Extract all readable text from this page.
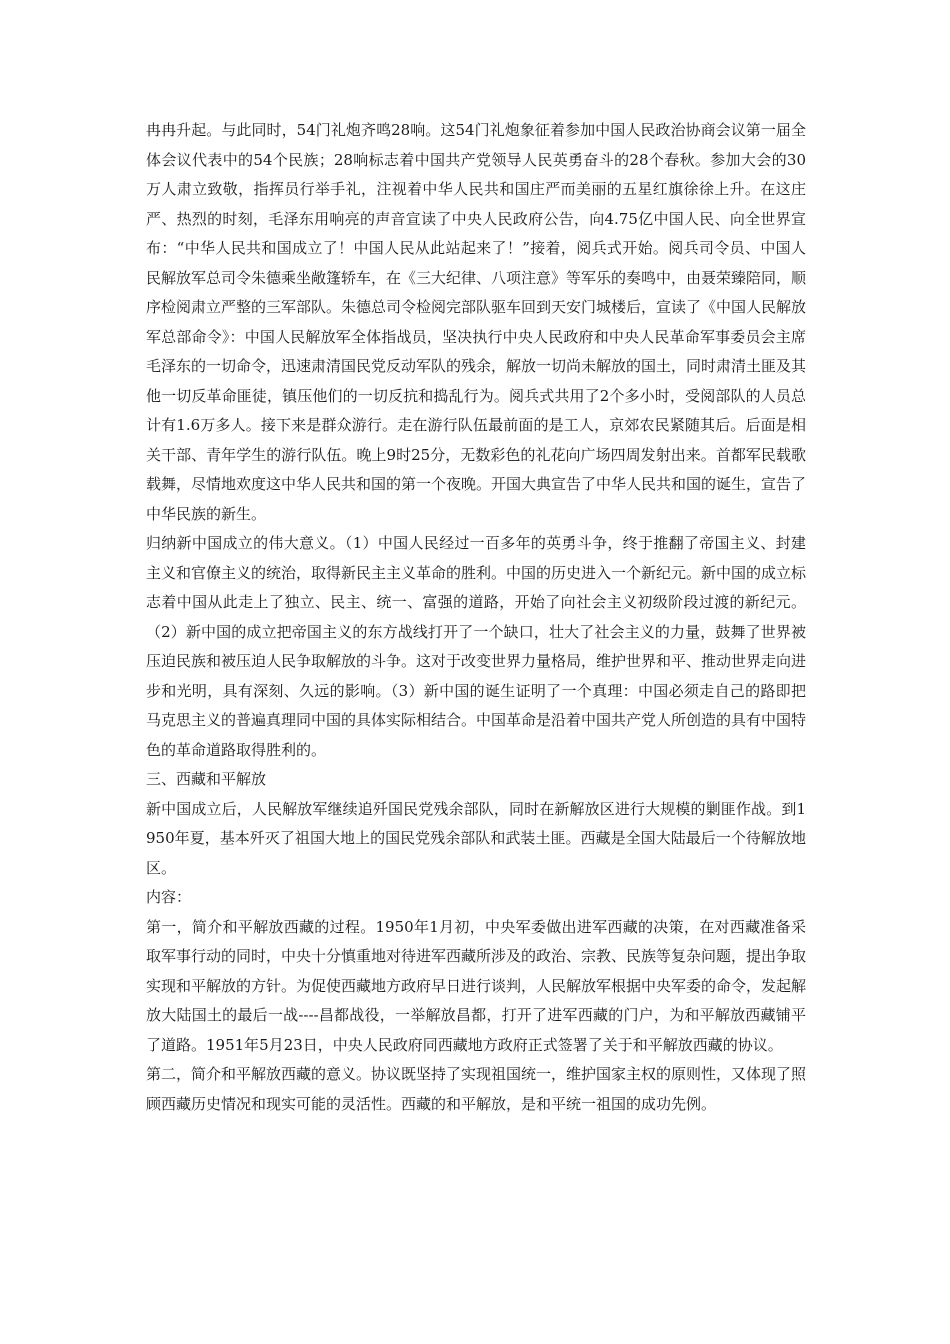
冉冉升起。与此同时，54门礼炮齐鸣28响。这54门礼炮象征着参加中国人民政治协商会议第一届全体会议代表中的54个民族；28响标志着中国共产党领导人民英勇奋斗的28个春秋。参加大会的30万人肃立致敬，指挥员行举手礼，注视着中华人民共和国庄严而美丽的五星红旗徐徐上升。在这庄严、热烈的时刻，毛泽东用响亮的声音宣读了中央人民政府公告，向4.75亿中国人民、向全世界宣布：“中华人民共和国成立了！中国人民从此站起来了！”接着，阅兵式开始。阅兵司令员、中国人民解放军总司令朱德乘坐敞篷轿车，在《三大纪律、八项注意》等军乐的奏鸣中，由聂荣臻陪同，顺序检阅肃立严整的三军部队。朱德总司令检阅完部队驱车回到天安门城楼后，宣读了《中国人民解放军总部命令》：中国人民解放军全体指战员，坚决执行中央人民政府和中央人民革命军事委员会主席毛泽东的一切命令，迅速肃清国民党反动军队的残余，解放一切尚未解放的国土，同时肃清土匪及其他一切反革命匪徒，镇压他们的一切反抗和捣乱行为。阅兵式共用了2个多小时，受阅部队的人员总计有1.6万多人。接下来是群众游行。走在游行队伍最前面的是工人，京郊农民紧随其后。后面是相关干部、青年学生的游行队伍。晚上9时25分，无数彩色的礼花向广场四周发射出来。首都军民载歌载舞，尽情地欢度这中华人民共和国的第一个夜晚。开国大典宣告了中华人民共和国的诞生，宣告了中华民族的新生。

归纳新中国成立的伟大意义。（1）中国人民经过一百多年的英勇斗争，终于推翻了帝国主义、封建主义和官僚主义的统治，取得新民主主义革命的胜利。中国的历史进入一个新纪元。新中国的成立标志着中国从此走上了独立、民主、统一、富强的道路，开始了向社会主义初级阶段过渡的新纪元。（2）新中国的成立把帝国主义的东方战线打开了一个缺口，壮大了社会主义的力量，鼓舞了世界被压迫民族和被压迫人民争取解放的斗争。这对于改变世界力量格局，维护世界和平、推动世界走向进步和光明，具有深刻、久远的影响。（3）新中国的诞生证明了一个真理：中国必须走自己的路即把马克思主义的普遍真理同中国的具体实际相结合。中国革命是沿着中国共产党人所创造的具有中国特色的革命道路取得胜利的。

三、西藏和平解放

新中国成立后，人民解放军继续追歼国民党残余部队，同时在新解放区进行大规模的剿匪作战。到1950年夏，基本歼灭了祖国大地上的国民党残余部队和武装土匪。西藏是全国大陆最后一个待解放地区。

内容：

第一，简介和平解放西藏的过程。1950年1月初，中央军委做出进军西藏的决策，在对西藏准备采取军事行动的同时，中央十分慎重地对待进军西藏所涉及的政治、宗教、民族等复杂问题，提出争取实现和平解放的方针。为促使西藏地方政府早日进行谈判，人民解放军根据中央军委的命令，发起解放大陆国土的最后一战----昌都战役，一举解放昌都，打开了进军西藏的门户，为和平解放西藏铺平了道路。1951年5月23日，中央人民政府同西藏地方政府正式签署了关于和平解放西藏的协议。

第二，简介和平解放西藏的意义。协议既坚持了实现祖国统一，维护国家主权的原则性，又体现了照顾西藏历史情况和现实可能的灵活性。西藏的和平解放，是和平统一祖国的成功先例。
